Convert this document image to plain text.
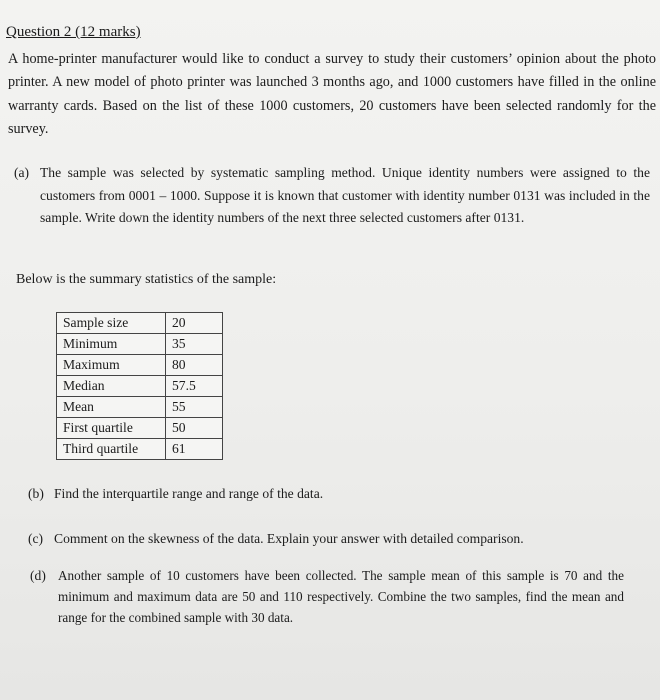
Question 2 (12 marks)
A home-printer manufacturer would like to conduct a survey to study their customers’ opinion about the photo printer. A new model of photo printer was launched 3 months ago, and 1000 customers have filled in the online warranty cards. Based on the list of these 1000 customers, 20 customers have been selected randomly for the survey.
(a) The sample was selected by systematic sampling method. Unique identity numbers were assigned to the customers from 0001 – 1000. Suppose it is known that customer with identity number 0131 was included in the sample. Write down the identity numbers of the next three selected customers after 0131.
Below is the summary statistics of the sample:
Sample size	20
Minimum	35
Maximum	80
Median	57.5
Mean	55
First quartile	50
Third quartile	61
(b) Find the interquartile range and range of the data.
(c) Comment on the skewness of the data. Explain your answer with detailed comparison.
(d) Another sample of 10 customers have been collected. The sample mean of this sample is 70 and the minimum and maximum data are 50 and 110 respectively. Combine the two samples, find the mean and range for the combined sample with 30 data.
